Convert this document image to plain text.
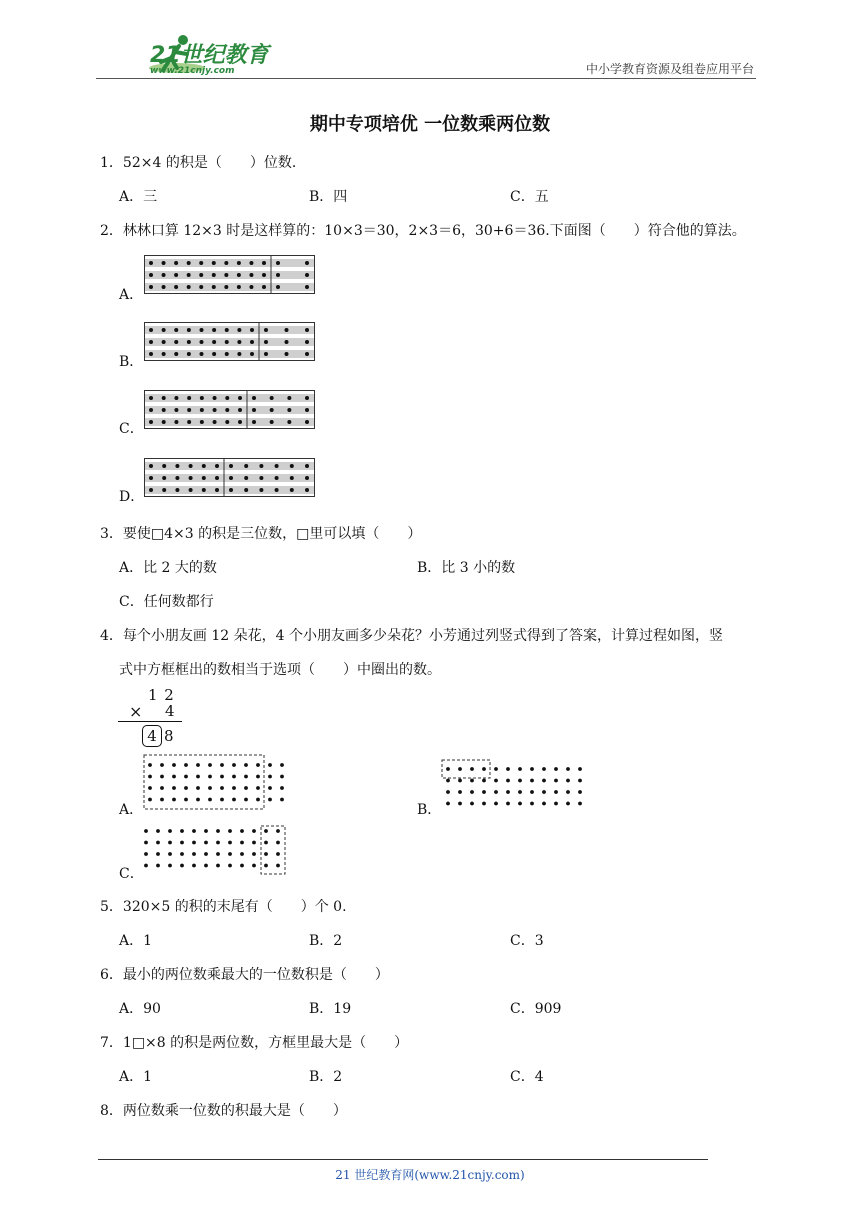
21世纪教育
www.21cnjy.com	中小学教育资源及组卷应用平台
期中专项培优 一位数乘两位数
1．52×4 的积是（　　）位数．
A．三	B．四	C．五
2．林林口算 12×3 时是这样算的：10×3＝30，2×3＝6，30+6＝36.下面图（　　）符合他的算法。
A．
B．
C．
D．
3．要使□4×3 的积是三位数，□里可以填（　　）
A．比 2 大的数	B．比 3 小的数
C．任何数都行
4．每个小朋友画 12 朵花，4 个小朋友画多少朵花？小芳通过列竖式得到了答案，计算过程如图，竖
式中方框框出的数相当于选项（　　）中圈出的数。
1 2
× 4
4 8
A．	B．
C．
5．320×5 的积的末尾有（　　）个 0.
A．1	B．2	C．3
6．最小的两位数乘最大的一位数积是（　　）
A．90	B．19	C．909
7．1□×8 的积是两位数，方框里最大是（　　）
A．1	B．2	C．4
8．两位数乘一位数的积最大是（　　）
21 世纪教育网(www.21cnjy.com)
